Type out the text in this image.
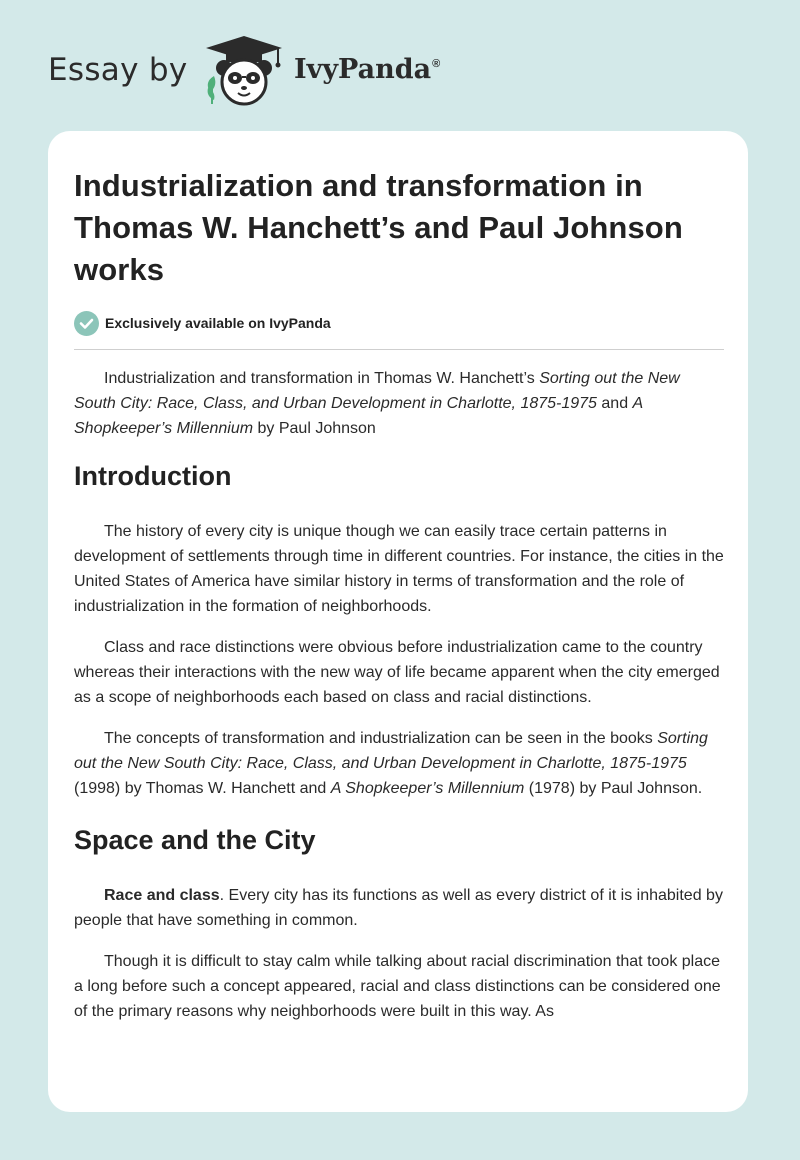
Essay by	IvyPanda®
Industrialization and transformation in Thomas W. Hanchett’s and Paul Johnson works
Exclusively available on IvyPanda

Industrialization and transformation in Thomas W. Hanchett’s Sorting out the New South City: Race, Class, and Urban Development in Charlotte, 1875-1975 and A Shopkeeper’s Millennium by Paul Johnson

Introduction

The history of every city is unique though we can easily trace certain patterns in development of settlements through time in different countries. For instance, the cities in the United States of America have similar history in terms of transformation and the role of industrialization in the formation of neighborhoods.

Class and race distinctions were obvious before industrialization came to the country whereas their interactions with the new way of life became apparent when the city emerged as a scope of neighborhoods each based on class and racial distinctions.

The concepts of transformation and industrialization can be seen in the books Sorting out the New South City: Race, Class, and Urban Development in Charlotte, 1875-1975 (1998) by Thomas W. Hanchett and A Shopkeeper’s Millennium (1978) by Paul Johnson.

Space and the City

Race and class. Every city has its functions as well as every district of it is inhabited by people that have something in common.

Though it is difficult to stay calm while talking about racial discrimination that took place a long before such a concept appeared, racial and class distinctions can be considered one of the primary reasons why neighborhoods were built in this way. As
